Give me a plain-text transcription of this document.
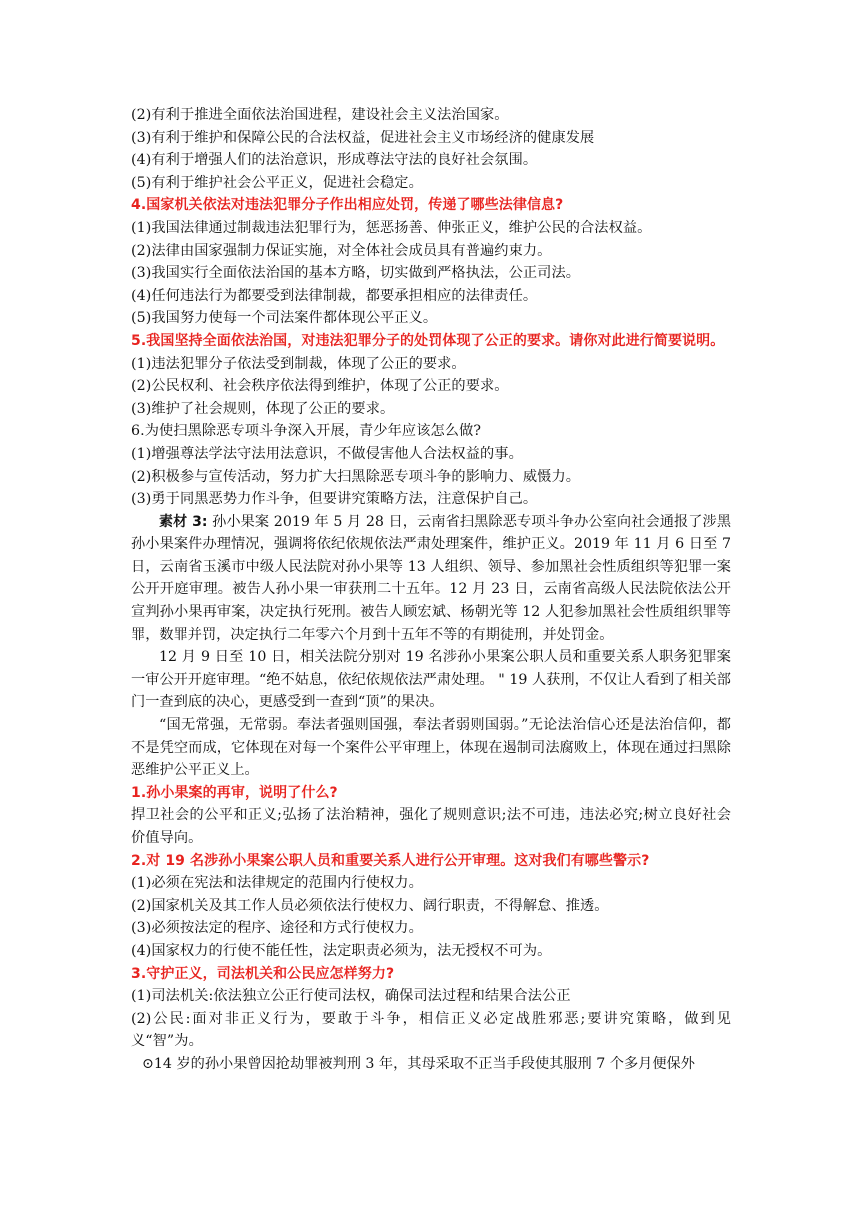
(2)有利于推进全面依法治国进程，建设社会主义法治国家。
(3)有利于维护和保障公民的合法权益，促进社会主义市场经济的健康发展
(4)有利于增强人们的法治意识，形成尊法守法的良好社会氛围。
(5)有利于维护社会公平正义，促进社会稳定。
4.国家机关依法对违法犯罪分子作出相应处罚，传递了哪些法律信息?
(1)我国法律通过制裁违法犯罪行为，惩恶扬善、伸张正义，维护公民的合法权益。
(2)法律由国家强制力保证实施，对全体社会成员具有普遍约束力。
(3)我国实行全面依法治国的基本方略，切实做到严格执法，公正司法。
(4)任何违法行为都要受到法律制裁，都要承担相应的法律责任。
(5)我国努力使每一个司法案件都体现公平正义。
5.我国坚持全面依法治国，对违法犯罪分子的处罚体现了公正的要求。请你对此进行简要说明。
(1)违法犯罪分子依法受到制裁，体现了公正的要求。
(2)公民权利、社会秩序依法得到维护，体现了公正的要求。
(3)维护了社会规则，体现了公正的要求。
6.为使扫黑除恶专项斗争深入开展，青少年应该怎么做?
(1)增强尊法学法守法用法意识，不做侵害他人合法权益的事。
(2)积极参与宣传活动，努力扩大扫黑除恶专项斗争的影响力、威慑力。
(3)勇于同黑恶势力作斗争，但要讲究策略方法，注意保护自己。
素材 3: 孙小果案 2019 年 5 月 28 日，云南省扫黑除恶专项斗争办公室向社会通报了涉黑孙小果案件办理情况，强调将依纪依规依法严肃处理案件，维护正义。2019 年 11 月 6 日至 7 日，云南省玉溪市中级人民法院对孙小果等 13 人组织、领导、参加黑社会性质组织等犯罪一案公开开庭审理。被告人孙小果一审获刑二十五年。12 月 23 日，云南省高级人民法院依法公开宣判孙小果再审案，决定执行死刑。被告人顾宏斌、杨朝光等 12 人犯参加黑社会性质组织罪等罪，数罪并罚，决定执行二年零六个月到十五年不等的有期徒刑，并处罚金。
12 月 9 日至 10 日，相关法院分别对 19 名涉孙小果案公职人员和重要关系人职务犯罪案一审公开开庭审理。“绝不姑息，依纪依规依法严肃处理。 " 19 人获刑，不仅让人看到了相关部门一查到底的决心，更感受到一查到“顶”的果决。
“国无常强，无常弱。奉法者强则国强，奉法者弱则国弱。”无论法治信心还是法治信仰，都不是凭空而成，它体现在对每一个案件公平审理上，体现在遏制司法腐败上，体现在通过扫黑除恶维护公平正义上。
1.孙小果案的再审，说明了什么?
捍卫社会的公平和正义;弘扬了法治精神，强化了规则意识;法不可违，违法必究;树立良好社会价值导向。
2.对 19 名涉孙小果案公职人员和重要关系人进行公开审理。这对我们有哪些警示?
(1)必须在宪法和法律规定的范围内行使权力。
(2)国家机关及其工作人员必须依法行使权力、阔行职责，不得解怠、推透。
(3)必须按法定的程序、途径和方式行使权力。
(4)国家权力的行使不能任性，法定职责必须为，法无授权不可为。
3.守护正义，司法机关和公民应怎样努力?
(1)司法机关:依法独立公正行使司法权，确保司法过程和结果合法公正
(2)公民:面对非正义行为，要敢于斗争，相信正义必定战胜邪恶;要讲究策略，做到见义“智”为。
⊙14 岁的孙小果曾因抢劫罪被判刑 3 年，其母采取不正当手段使其服刑 7 个多月便保外
